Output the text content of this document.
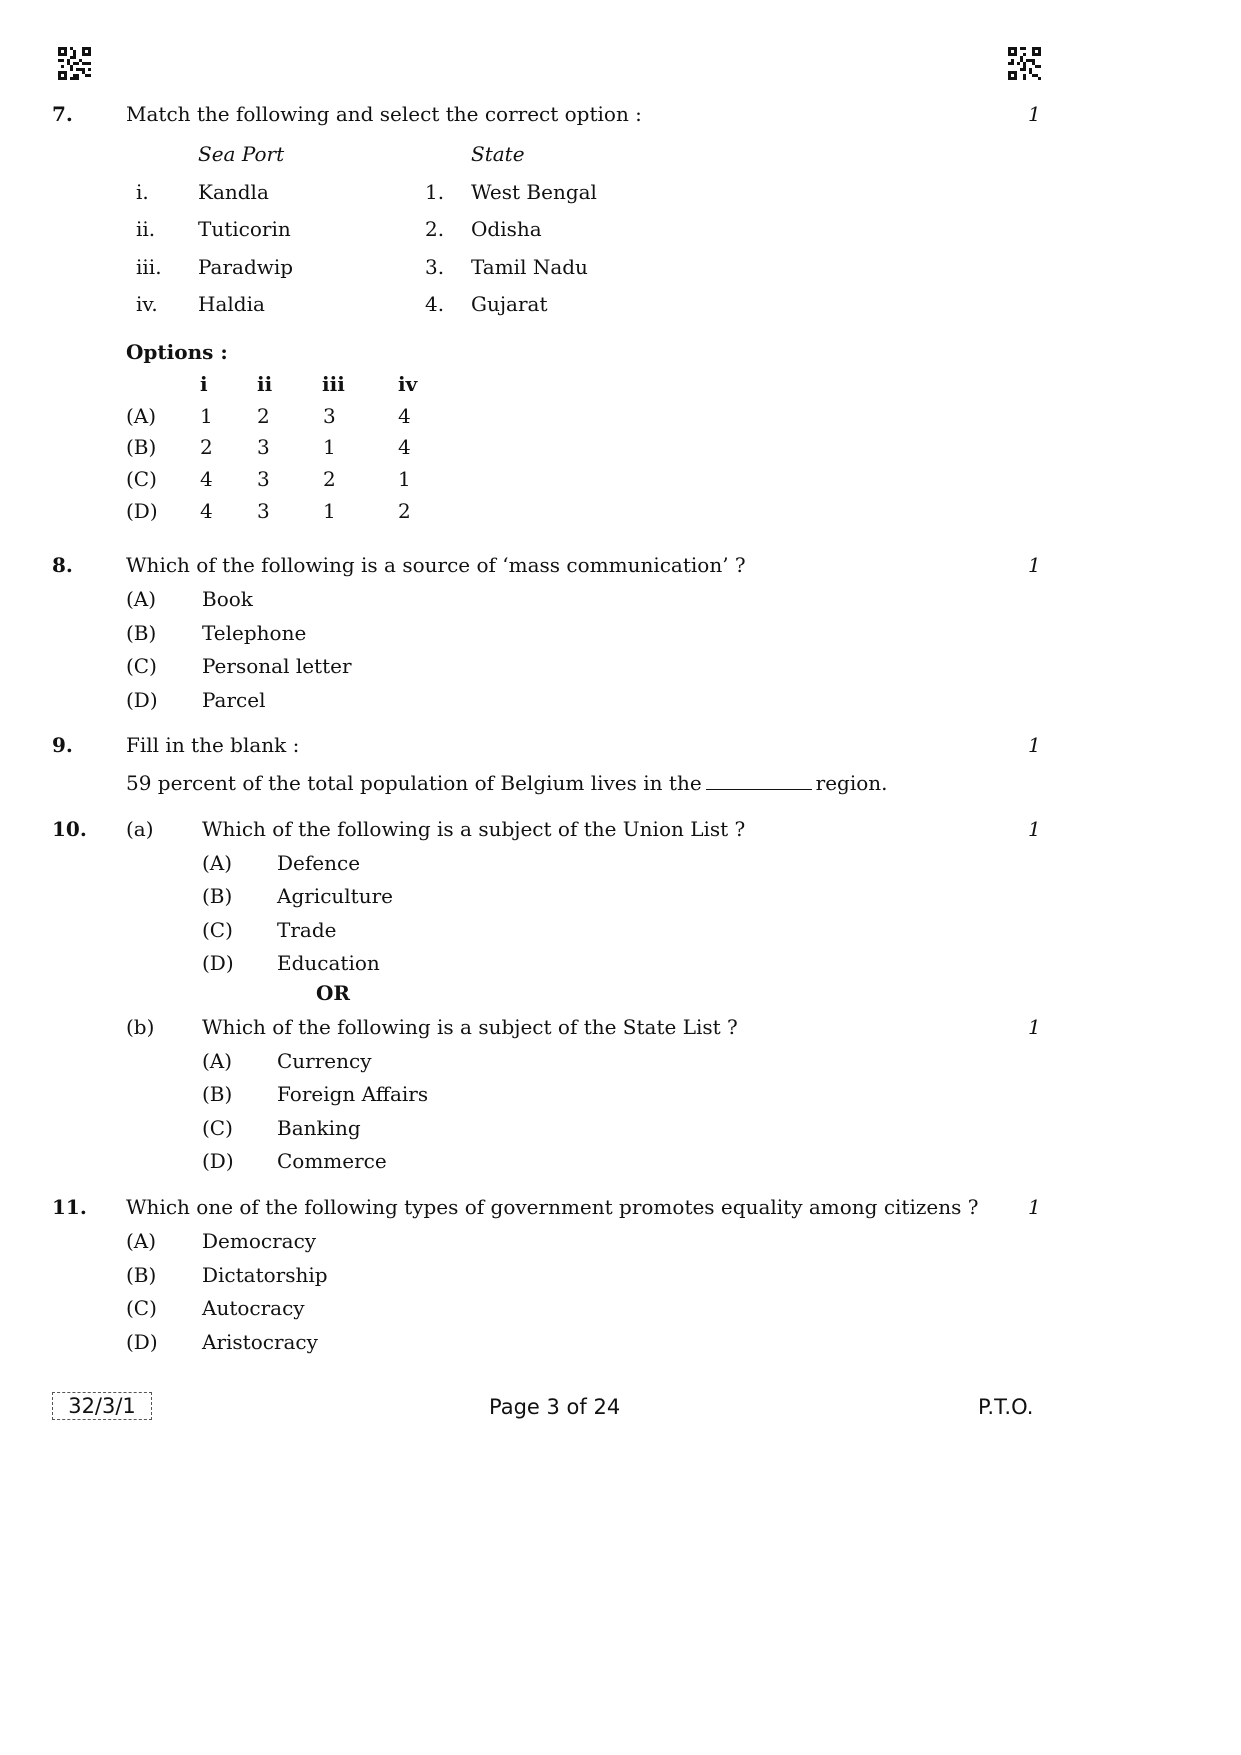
7.	Match the following and select the correct option :	1
Sea Port	State
i. Kandla	1. West Bengal
ii. Tuticorin	2. Odisha
iii. Paradwip	3. Tamil Nadu
iv. Haldia	4. Gujarat
Options :
i ii iii	iv
(A) 1 2	3	4
(B) 2 3	1	4
(C) 4 3	2	1
(D) 4 3	1	2
8.	Which of the following is a source of ‘mass communication’ ?	1
(A) Book
(B) Telephone
(C) Personal letter
(D) Parcel
9.	Fill in the blank :	1
59 percent of the total population of Belgium lives in the	region.
10. (a) Which of the following is a subject of the Union List ?	1
(A) Defence
(B) Agriculture
(C) Trade
(D) Education
OR
(b) Which of the following is a subject of the State List ?	1
(A) Currency
(B) Foreign Affairs
(C) Banking
(D) Commerce
11. Which one of the following types of government promotes equality among citizens ? 1
(A) Democracy
(B) Dictatorship
(C) Autocracy
(D) Aristocracy
32/3/1	Page 3 of 24	P.T.O.
